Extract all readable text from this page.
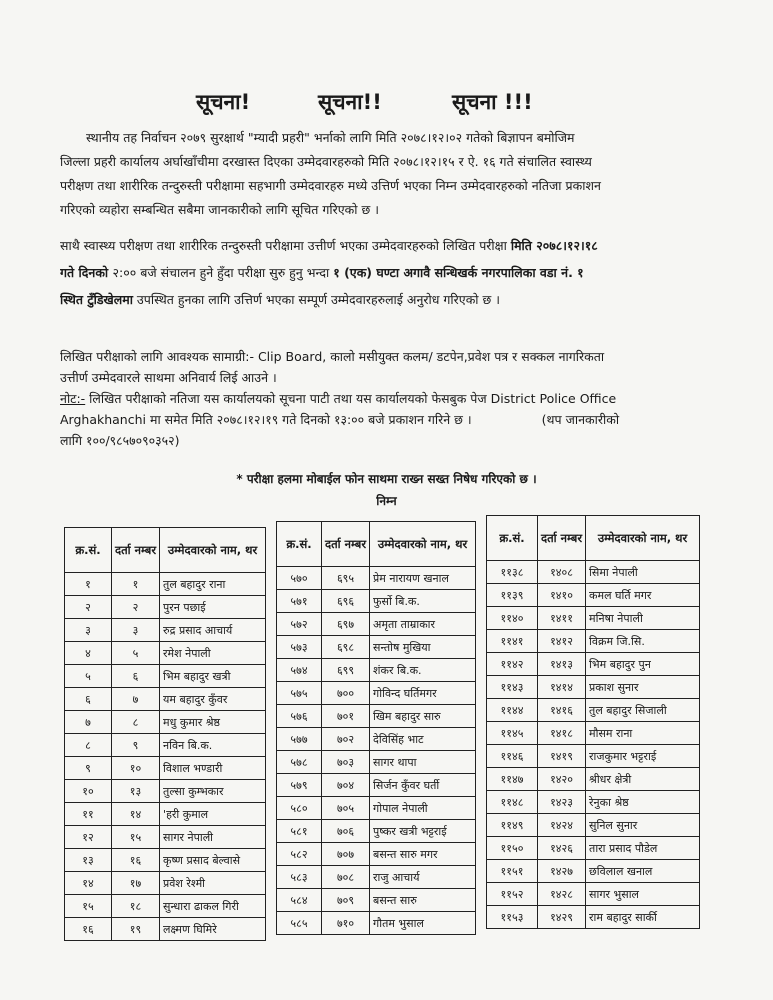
सूचना!	सूचना!!	सूचना !!!
स्थानीय तह निर्वाचन २०७९ सुरक्षार्थ "म्यादी प्रहरी" भर्नाको लागि मिति २०७८।१२।०२ गतेको बिज्ञापन बमोजिम
जिल्ला प्रहरी कार्यालय अर्घाखाँचीमा दरखास्त दिएका उम्मेदवारहरुको मिति २०७८।१२।१५ र ऐ. १६ गते संचालित स्वास्थ्य
परीक्षण तथा शारीरिक तन्दुरुस्ती परीक्षामा सहभागी उम्मेदवारहरु मध्ये उत्तिर्ण भएका निम्न उम्मेदवारहरुको नतिजा प्रकाशन
गरिएको व्यहोरा सम्बन्धित सबैमा जानकारीको लागि सूचित गरिएको छ ।
साथै स्वास्थ्य परीक्षण तथा शारीरिक तन्दुरुस्ती परीक्षामा उत्तीर्ण भएका उम्मेदवारहरुको लिखित परीक्षा मिति २०७८।१२।१८
गते दिनको २:०० बजे संचालन हुने हुँदा परीक्षा सुरु हुनु भन्दा १ (एक) घण्टा अगावै सन्धिखर्क नगरपालिका वडा नं. १
स्थित टुँडिखेलमा उपस्थित हुनका लागि उत्तिर्ण भएका सम्पूर्ण उम्मेदवारहरुलाई अनुरोध गरिएको छ ।
लिखित परीक्षाको लागि आवश्यक सामाग्री:- Clip Board, कालो मसीयुक्त कलम/ डटपेन,प्रवेश पत्र र सक्कल नागरिकता
उत्तीर्ण उम्मेदवारले साथमा अनिवार्य लिई आउने ।
नोट:- लिखित परीक्षाको नतिजा यस कार्यालयको सूचना पाटी तथा यस कार्यालयको फेसबुक पेज District Police Office
Arghakhanchi मा समेत मिति २०७८।१२।१९ गते दिनको १३:०० बजे प्रकाशन गरिने छ ।	(थप जानकारीको
लागि १००/९८५७०९०३५२)

* परीक्षा हलमा मोबाईल फोन साथमा राख्न सख्त निषेध गरिएको छ ।

निम्न

क्र.सं.	दर्ता नम्बर	उम्मेदवारको नाम, थर
१	१	तुल बहादुर राना
२	२	पुरन पछाई
३	३	रुद्र प्रसाद आचार्य
४	५	रमेश नेपाली
५	६	भिम बहादुर खत्री
६	७	यम बहादुर कुँवर
७	८	मधु कुमार श्रेष्ठ
८	९	नविन बि.क.
९	१०	विशाल भण्डारी
१०	१३	तुल्सा कुम्भकार
११	१४	'हरी कुमाल
१२	१५	सागर नेपाली
१३	१६	कृष्ण प्रसाद बेल्वासे
१४	१७	प्रवेश रेश्मी
१५	१८	सुन्धारा ढाकल गिरी
१६	१९	लक्ष्मण घिमिरे
क्र.सं.	दर्ता नम्बर	उम्मेदवारको नाम, थर
५७०	६९५	प्रेम नारायण खनाल
५७१	६९६	फुर्सो बि.क.
५७२	६९७	अमृता ताम्राकार
५७३	६९८	सन्तोष मुखिया
५७४	६९९	शंकर बि.क.
५७५	७००	गोविन्द घर्तिमगर
५७६	७०१	खिम बहादुर सारु
५७७	७०२	देविसिंह भाट
५७८	७०३	सागर थापा
५७९	७०४	सिर्जन कुँवर घर्ती
५८०	७०५	गोपाल नेपाली
५८१	७०६	पुष्कर खत्री भट्टराई
५८२	७०७	बसन्त सारु मगर
५८३	७०८	राजु आचार्य
५८४	७०९	बसन्त सारु
५८५	७१०	गौतम भुसाल
क्र.सं.	दर्ता नम्बर	उम्मेदवारको नाम, थर
११३८	१४०८	सिमा नेपाली
११३९	१४१०	कमल घर्ति मगर
११४०	१४११	मनिषा नेपाली
११४१	१४१२	विक्रम जि.सि.
११४२	१४१३	भिम बहादुर पुन
११४३	१४१४	प्रकाश सुनार
११४४	१४१६	तुल बहादुर सिजाली
११४५	१४१८	मौसम राना
११४६	१४१९	राजकुमार भट्टराई
११४७	१४२०	श्रीधर क्षेत्री
११४८	१४२३	रेनुका श्रेष्ठ
११४९	१४२४	सुनिल सुनार
११५०	१४२६	तारा प्रसाद पौडेल
११५१	१४२७	छविलाल खनाल
११५२	१४२८	सागर भुसाल
११५३	१४२९	राम बहादुर सार्की
